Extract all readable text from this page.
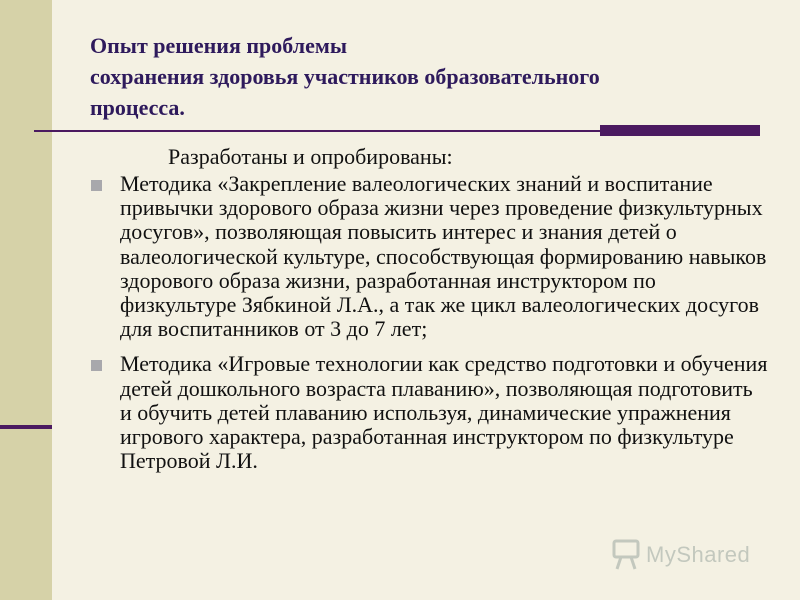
Опыт решения проблемы
сохранения здоровья участников образовательного
процесса.
Разработаны и опробированы:
Методика «Закрепление валеологических знаний и воспитание привычки здорового образа жизни через проведение физкультурных досугов», позволяющая повысить интерес и знания детей о валеологической культуре, способствующая формированию навыков здорового образа жизни, разработанная инструктором по физкультуре Зябкиной Л.А., а так же цикл валеологических досугов для воспитанников от 3 до 7 лет;
Методика «Игровые технологии как средство подготовки и обучения детей дошкольного возраста плаванию», позволяющая подготовить и обучить детей плаванию используя, динамические упражнения игрового характера, разработанная инструктором по физкультуре Петровой Л.И.
MyShared
